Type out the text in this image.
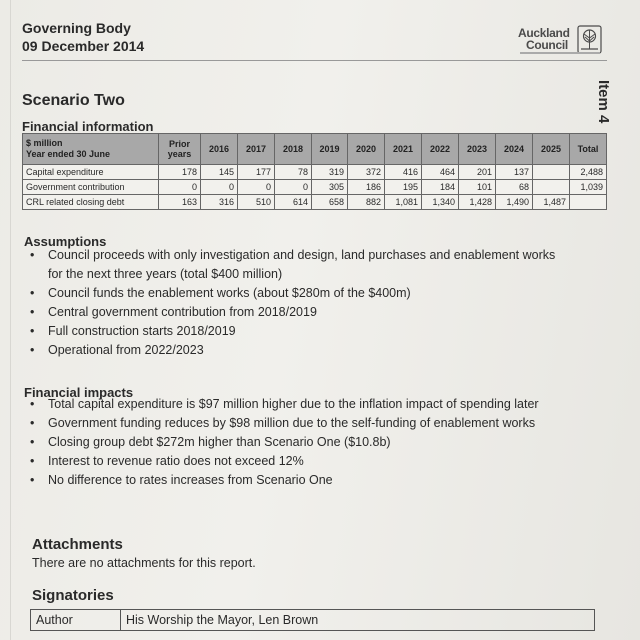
Governing Body
09 December 2014
Auckland
Council
Item 4
Scenario Two
Financial information
$ million
Year ended 30 June	Prior years	2016	2017	2018	2019	2020	2021	2022	2023	2024	2025	Total
Capital expenditure	178	145	177	78	319	372	416	464	201	137		2,488
Government contribution	0	0	0	0	305	186	195	184	101	68		1,039
CRL related closing debt	163	316	510	614	658	882	1,081	1,340	1,428	1,490	1,487	
Assumptions
• Council proceeds with only investigation and design, land purchases and enablement works
for the next three years (total $400 million)
• Council funds the enablement works (about $280m of the $400m)
• Central government contribution from 2018/2019
• Full construction starts 2018/2019
• Operational from 2022/2023
Financial impacts
• Total capital expenditure is $97 million higher due to the inflation impact of spending later
• Government funding reduces by $98 million due to the self-funding of enablement works
• Closing group debt $272m higher than Scenario One ($10.8b)
• Interest to revenue ratio does not exceed 12%
• No difference to rates increases from Scenario One
Attachments
There are no attachments for this report.
Signatories
Author	His Worship the Mayor, Len Brown
